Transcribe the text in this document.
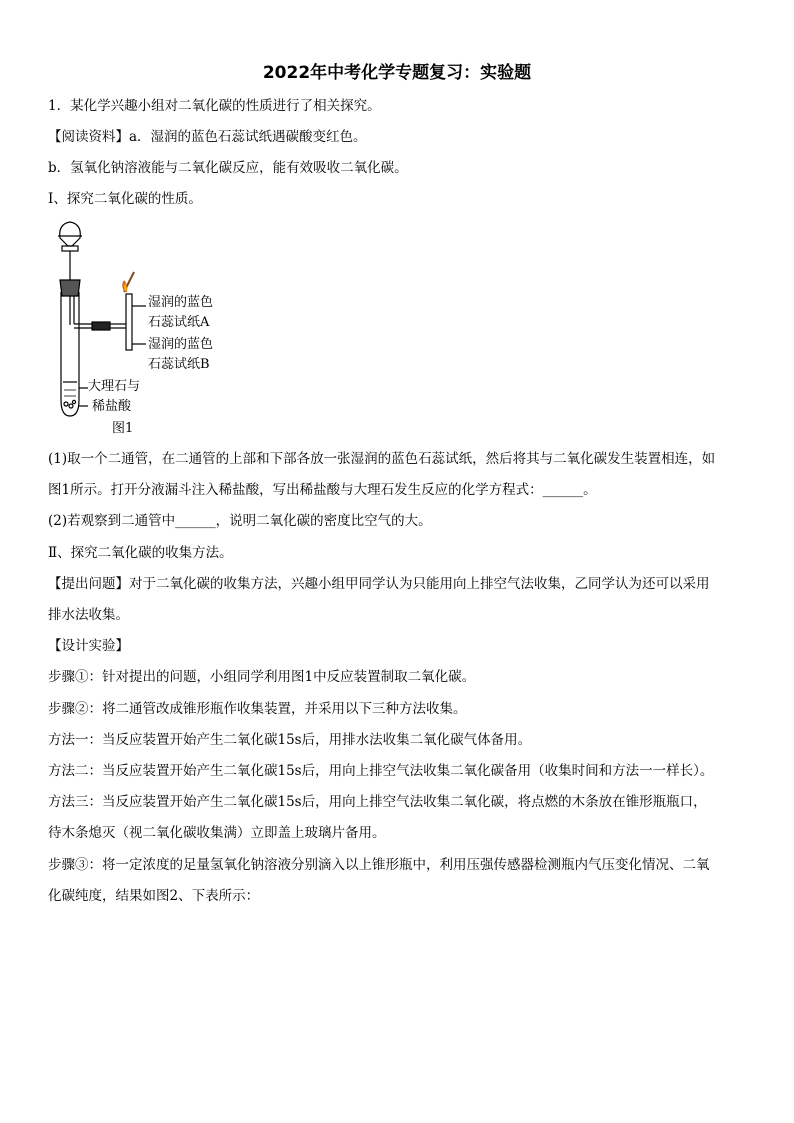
2022年中考化学专题复习：实验题
1．某化学兴趣小组对二氧化碳的性质进行了相关探究。
【阅读资料】a．湿润的蓝色石蕊试纸遇碳酸变红色。
b．氢氧化钠溶液能与二氧化碳反应，能有效吸收二氧化碳。
Ⅰ、探究二氧化碳的性质。
湿润的蓝色
石蕊试纸A
湿润的蓝色
石蕊试纸B
大理石与
稀盐酸
图1
(1)取一个二通管，在二通管的上部和下部各放一张湿润的蓝色石蕊试纸，然后将其与二氧化碳发生装置相连，如
图1所示。打开分液漏斗注入稀盐酸，写出稀盐酸与大理石发生反应的化学方程式：______。
(2)若观察到二通管中______，说明二氧化碳的密度比空气的大。
Ⅱ、探究二氧化碳的收集方法。
【提出问题】对于二氧化碳的收集方法，兴趣小组甲同学认为只能用向上排空气法收集，乙同学认为还可以采用
排水法收集。
【设计实验】
步骤①：针对提出的问题，小组同学利用图1中反应装置制取二氧化碳。
步骤②：将二通管改成锥形瓶作收集装置，并采用以下三种方法收集。
方法一：当反应装置开始产生二氧化碳15s后，用排水法收集二氧化碳气体备用。
方法二：当反应装置开始产生二氧化碳15s后，用向上排空气法收集二氧化碳备用（收集时间和方法一一样长）。
方法三：当反应装置开始产生二氧化碳15s后，用向上排空气法收集二氧化碳，将点燃的木条放在锥形瓶瓶口，
待木条熄灭（视二氧化碳收集满）立即盖上玻璃片备用。
步骤③：将一定浓度的足量氢氧化钠溶液分别滴入以上锥形瓶中，利用压强传感器检测瓶内气压变化情况、二氧
化碳纯度，结果如图2、下表所示：
